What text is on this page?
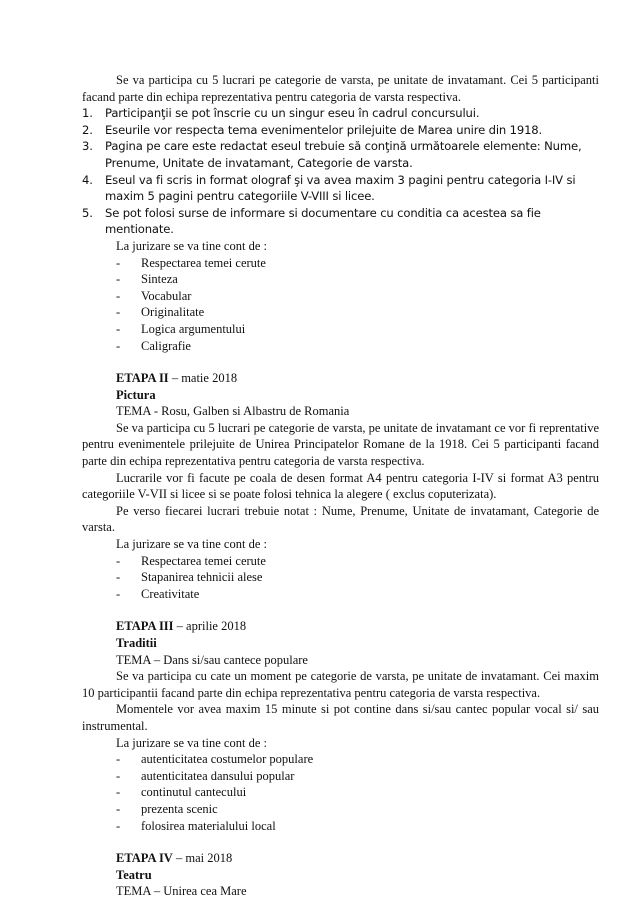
Se va participa cu 5 lucrari pe categorie de varsta, pe unitate de invatamant. Cei 5 participanti facand parte din echipa reprezentativa pentru categoria de varsta respectiva.

1. Participanţii se pot înscrie cu un singur eseu în cadrul concursului.
2. Eseurile vor respecta tema evenimentelor prilejuite de Marea unire din 1918.
3. Pagina pe care este redactat eseul trebuie să conţină următoarele elemente: Nume, Prenume, Unitate de invatamant, Categorie de varsta.
4. Eseul va fi scris in format olograf şi va avea maxim 3 pagini pentru categoria I-IV si maxim 5 pagini pentru categoriile V-VIII si licee.
5. Se pot folosi surse de informare si documentare cu conditia ca acestea sa fie mentionate.

La jurizare se va tine cont de :

- Respectarea temei cerute
- Sinteza
- Vocabular
- Originalitate
- Logica argumentului
- Caligrafie

ETAPA II – matie 2018

Pictura

TEMA - Rosu, Galben si Albastru de Romania

Se va participa cu 5 lucrari pe categorie de varsta, pe unitate de invatamant ce vor fi reprentative pentru evenimentele prilejuite de Unirea Principatelor Romane de la 1918. Cei 5 participanti facand parte din echipa reprezentativa pentru categoria de varsta respectiva.

Lucrarile vor fi facute pe coala de desen format A4 pentru categoria I-IV si format A3 pentru categoriile V-VII si licee si se poate folosi tehnica la alegere ( exclus coputerizata).

Pe verso fiecarei lucrari trebuie notat : Nume, Prenume, Unitate de invatamant, Categorie de varsta.

La jurizare se va tine cont de :

- Respectarea temei cerute
- Stapanirea tehnicii alese
- Creativitate

ETAPA III – aprilie 2018

Traditii

TEMA – Dans si/sau cantece populare

Se va participa cu cate un moment pe categorie de varsta, pe unitate de invatamant. Cei maxim 10 participantii facand parte din echipa reprezentativa pentru categoria de varsta respectiva.

Momentele vor avea maxim 15 minute si pot contine dans si/sau cantec popular vocal si/ sau instrumental.

La jurizare se va tine cont de :

- autenticitatea costumelor populare
- autenticitatea dansului popular
- continutul cantecului
- prezenta scenic
- folosirea materialului local

ETAPA IV – mai 2018

Teatru

TEMA – Unirea cea Mare
